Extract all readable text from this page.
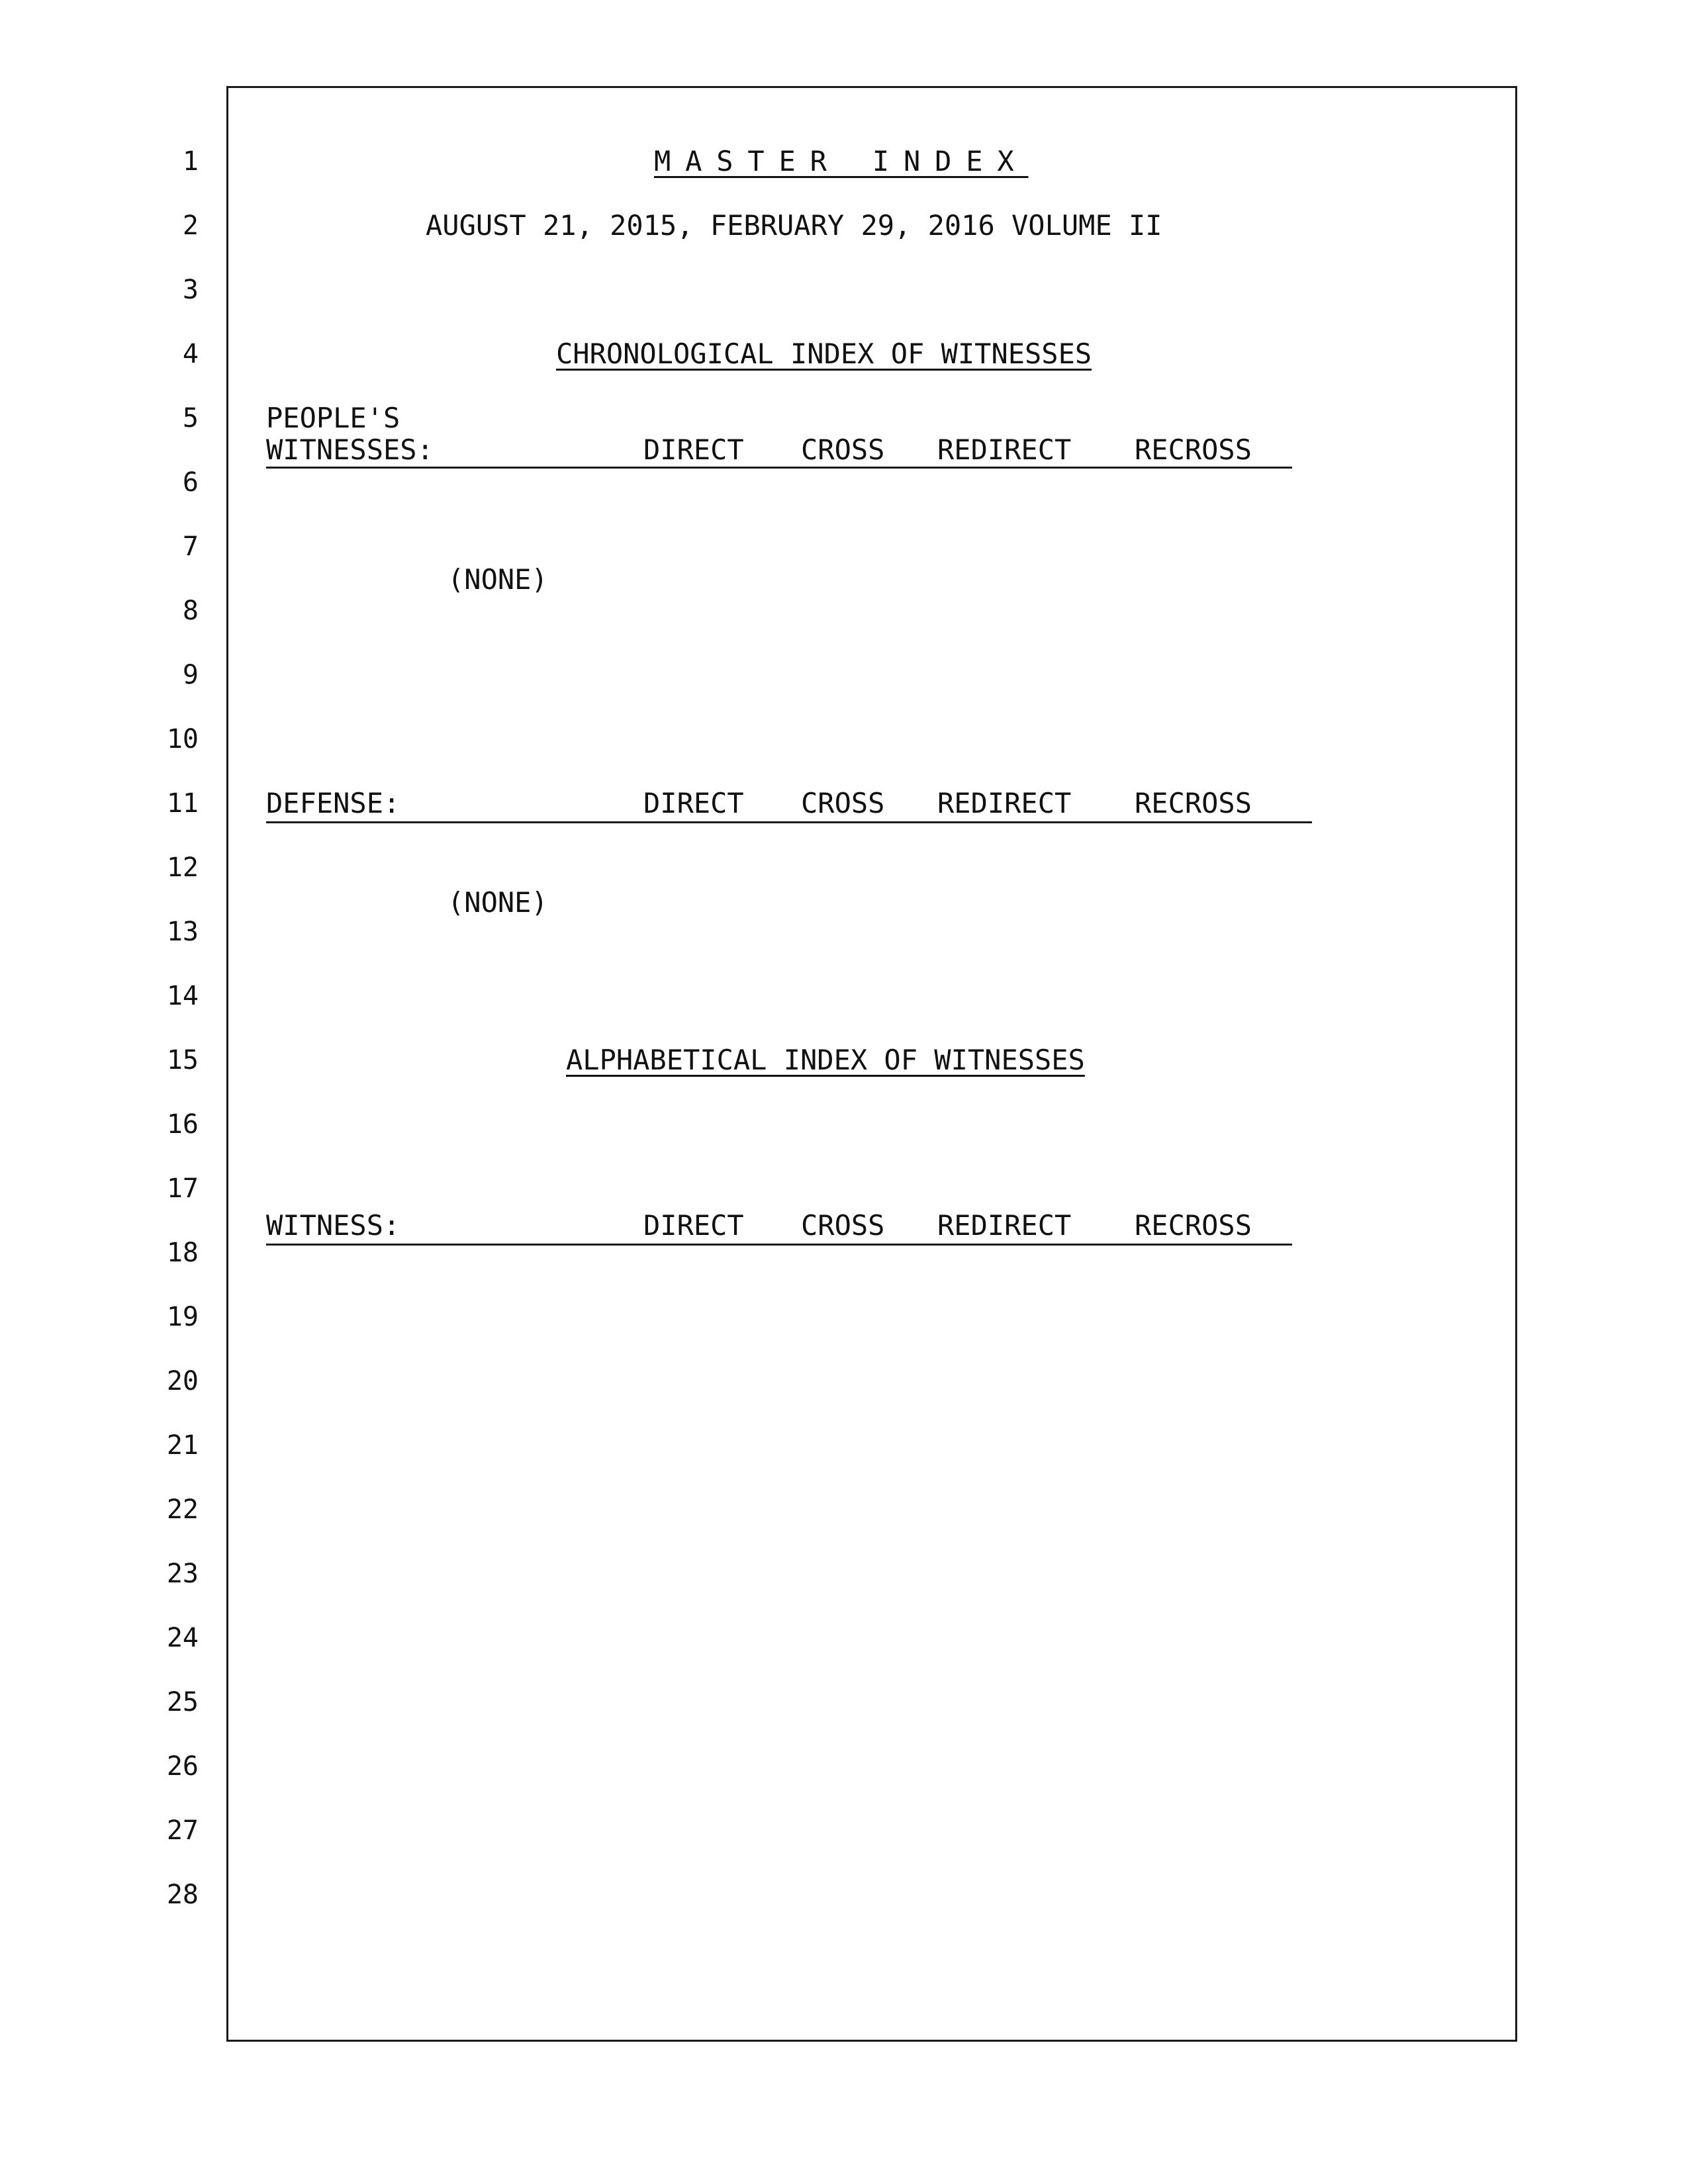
1
2
3
4
5
6
7
8
9
10
11
12
13
14
15
16
17
18
19
20
21
22
23
24
25
26
27
28
MASTER INDEX
AUGUST 21, 2015, FEBRUARY 29, 2016 VOLUME II
CHRONOLOGICAL INDEX OF WITNESSES
PEOPLE'S
WITNESSES:	DIRECT CROSS REDIRECT RECROSS
(NONE)
DEFENSE:	DIRECT CROSS REDIRECT RECROSS
(NONE)
ALPHABETICAL INDEX OF WITNESSES
WITNESS:	DIRECT CROSS REDIRECT RECROSS
